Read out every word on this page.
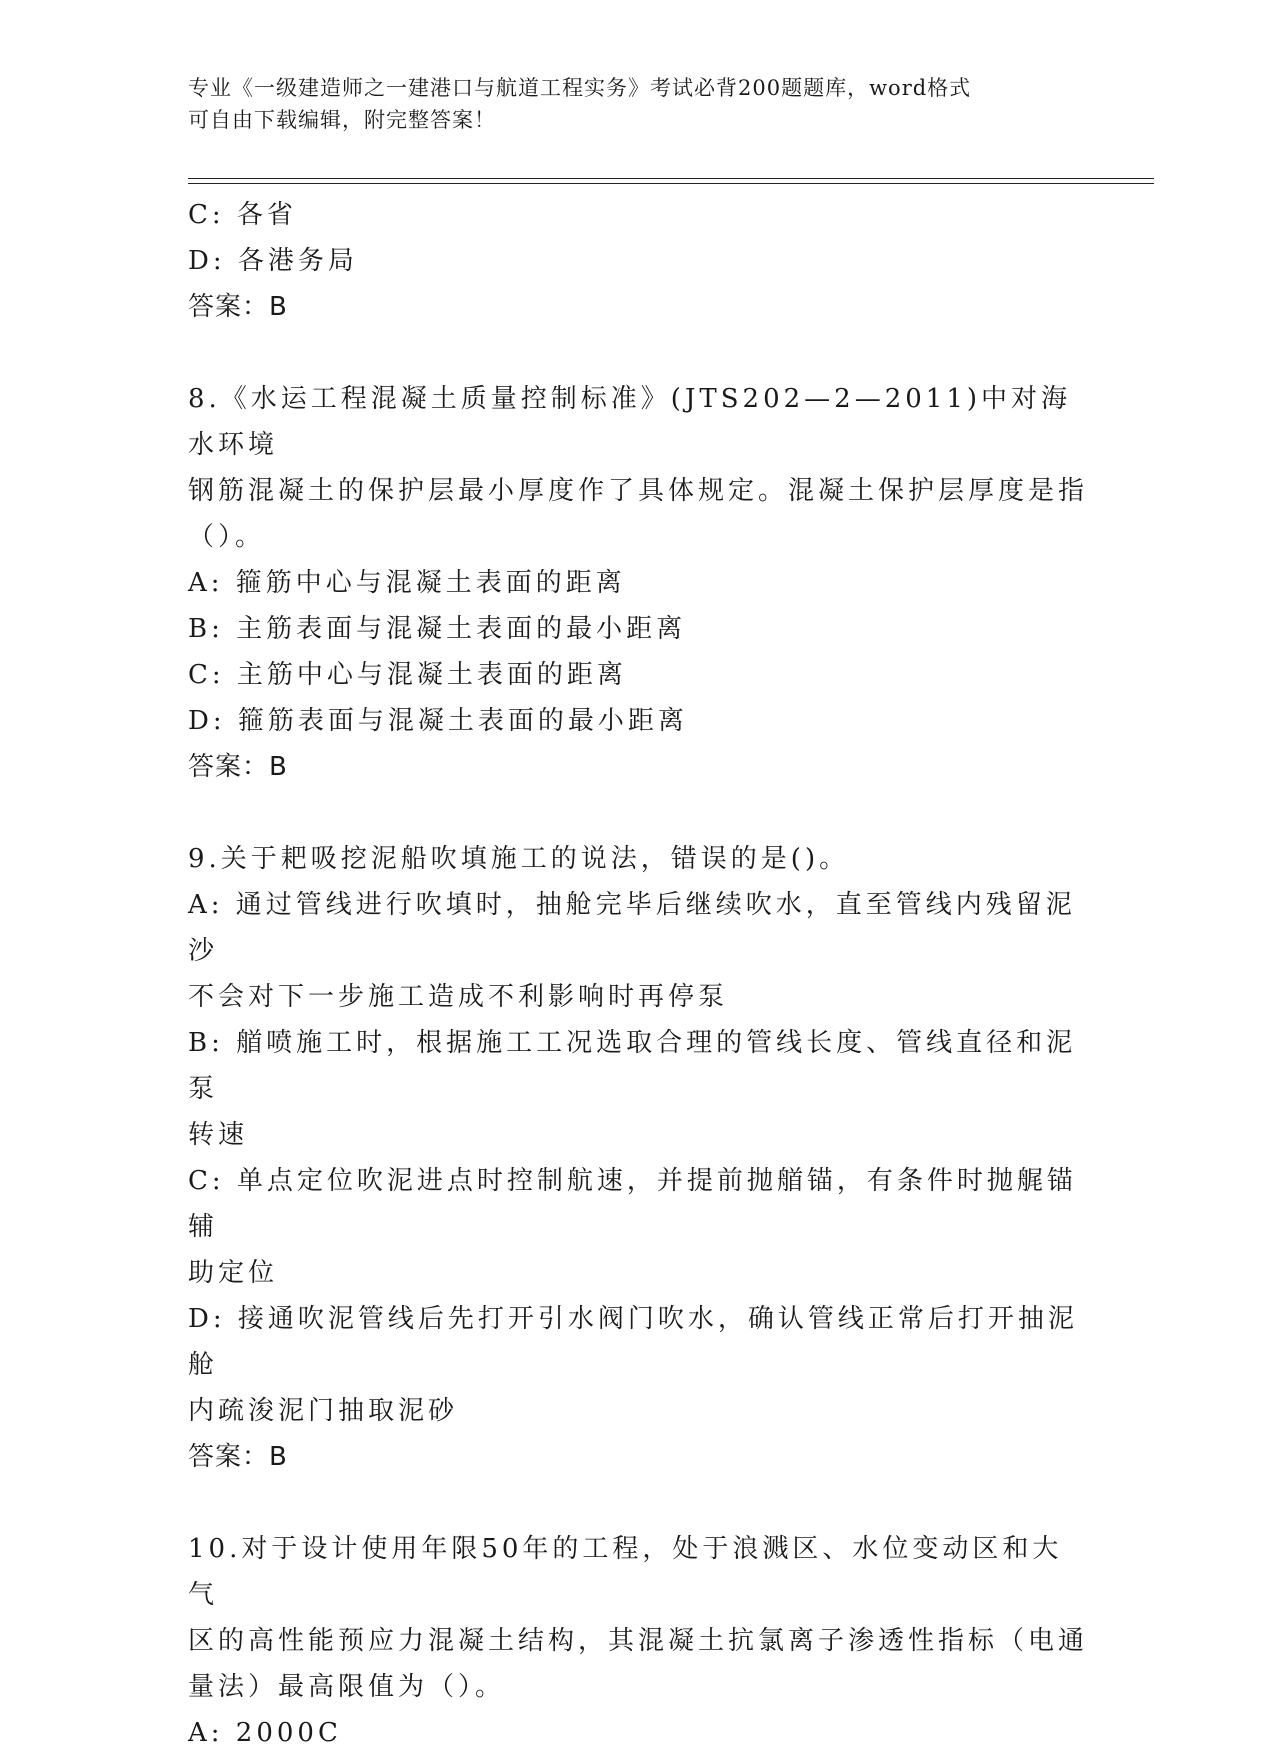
专业《一级建造师之一建港口与航道工程实务》考试必背200题题库，word格式
可自由下载编辑，附完整答案！
C: 各省
D: 各港务局
答案：B
8.《水运工程混凝土质量控制标准》(JTS202—2—2011)中对海水环境
钢筋混凝土的保护层最小厚度作了具体规定。混凝土保护层厚度是指
（）。
A: 箍筋中心与混凝土表面的距离
B: 主筋表面与混凝土表面的最小距离
C: 主筋中心与混凝土表面的距离
D: 箍筋表面与混凝土表面的最小距离
答案：B
9.关于耙吸挖泥船吹填施工的说法，错误的是()。
A: 通过管线进行吹填时，抽舱完毕后继续吹水，直至管线内残留泥沙
不会对下一步施工造成不利影响时再停泵
B: 艏喷施工时，根据施工工况选取合理的管线长度、管线直径和泥泵
转速
C: 单点定位吹泥进点时控制航速，并提前抛艏锚，有条件时抛艉锚辅
助定位
D: 接通吹泥管线后先打开引水阀门吹水，确认管线正常后打开抽泥舱
内疏浚泥门抽取泥砂
答案：B
10.对于设计使用年限50年的工程，处于浪溅区、水位变动区和大气
区的高性能预应力混凝土结构，其混凝土抗氯离子渗透性指标（电通
量法）最高限值为（）。
A: 2000C
